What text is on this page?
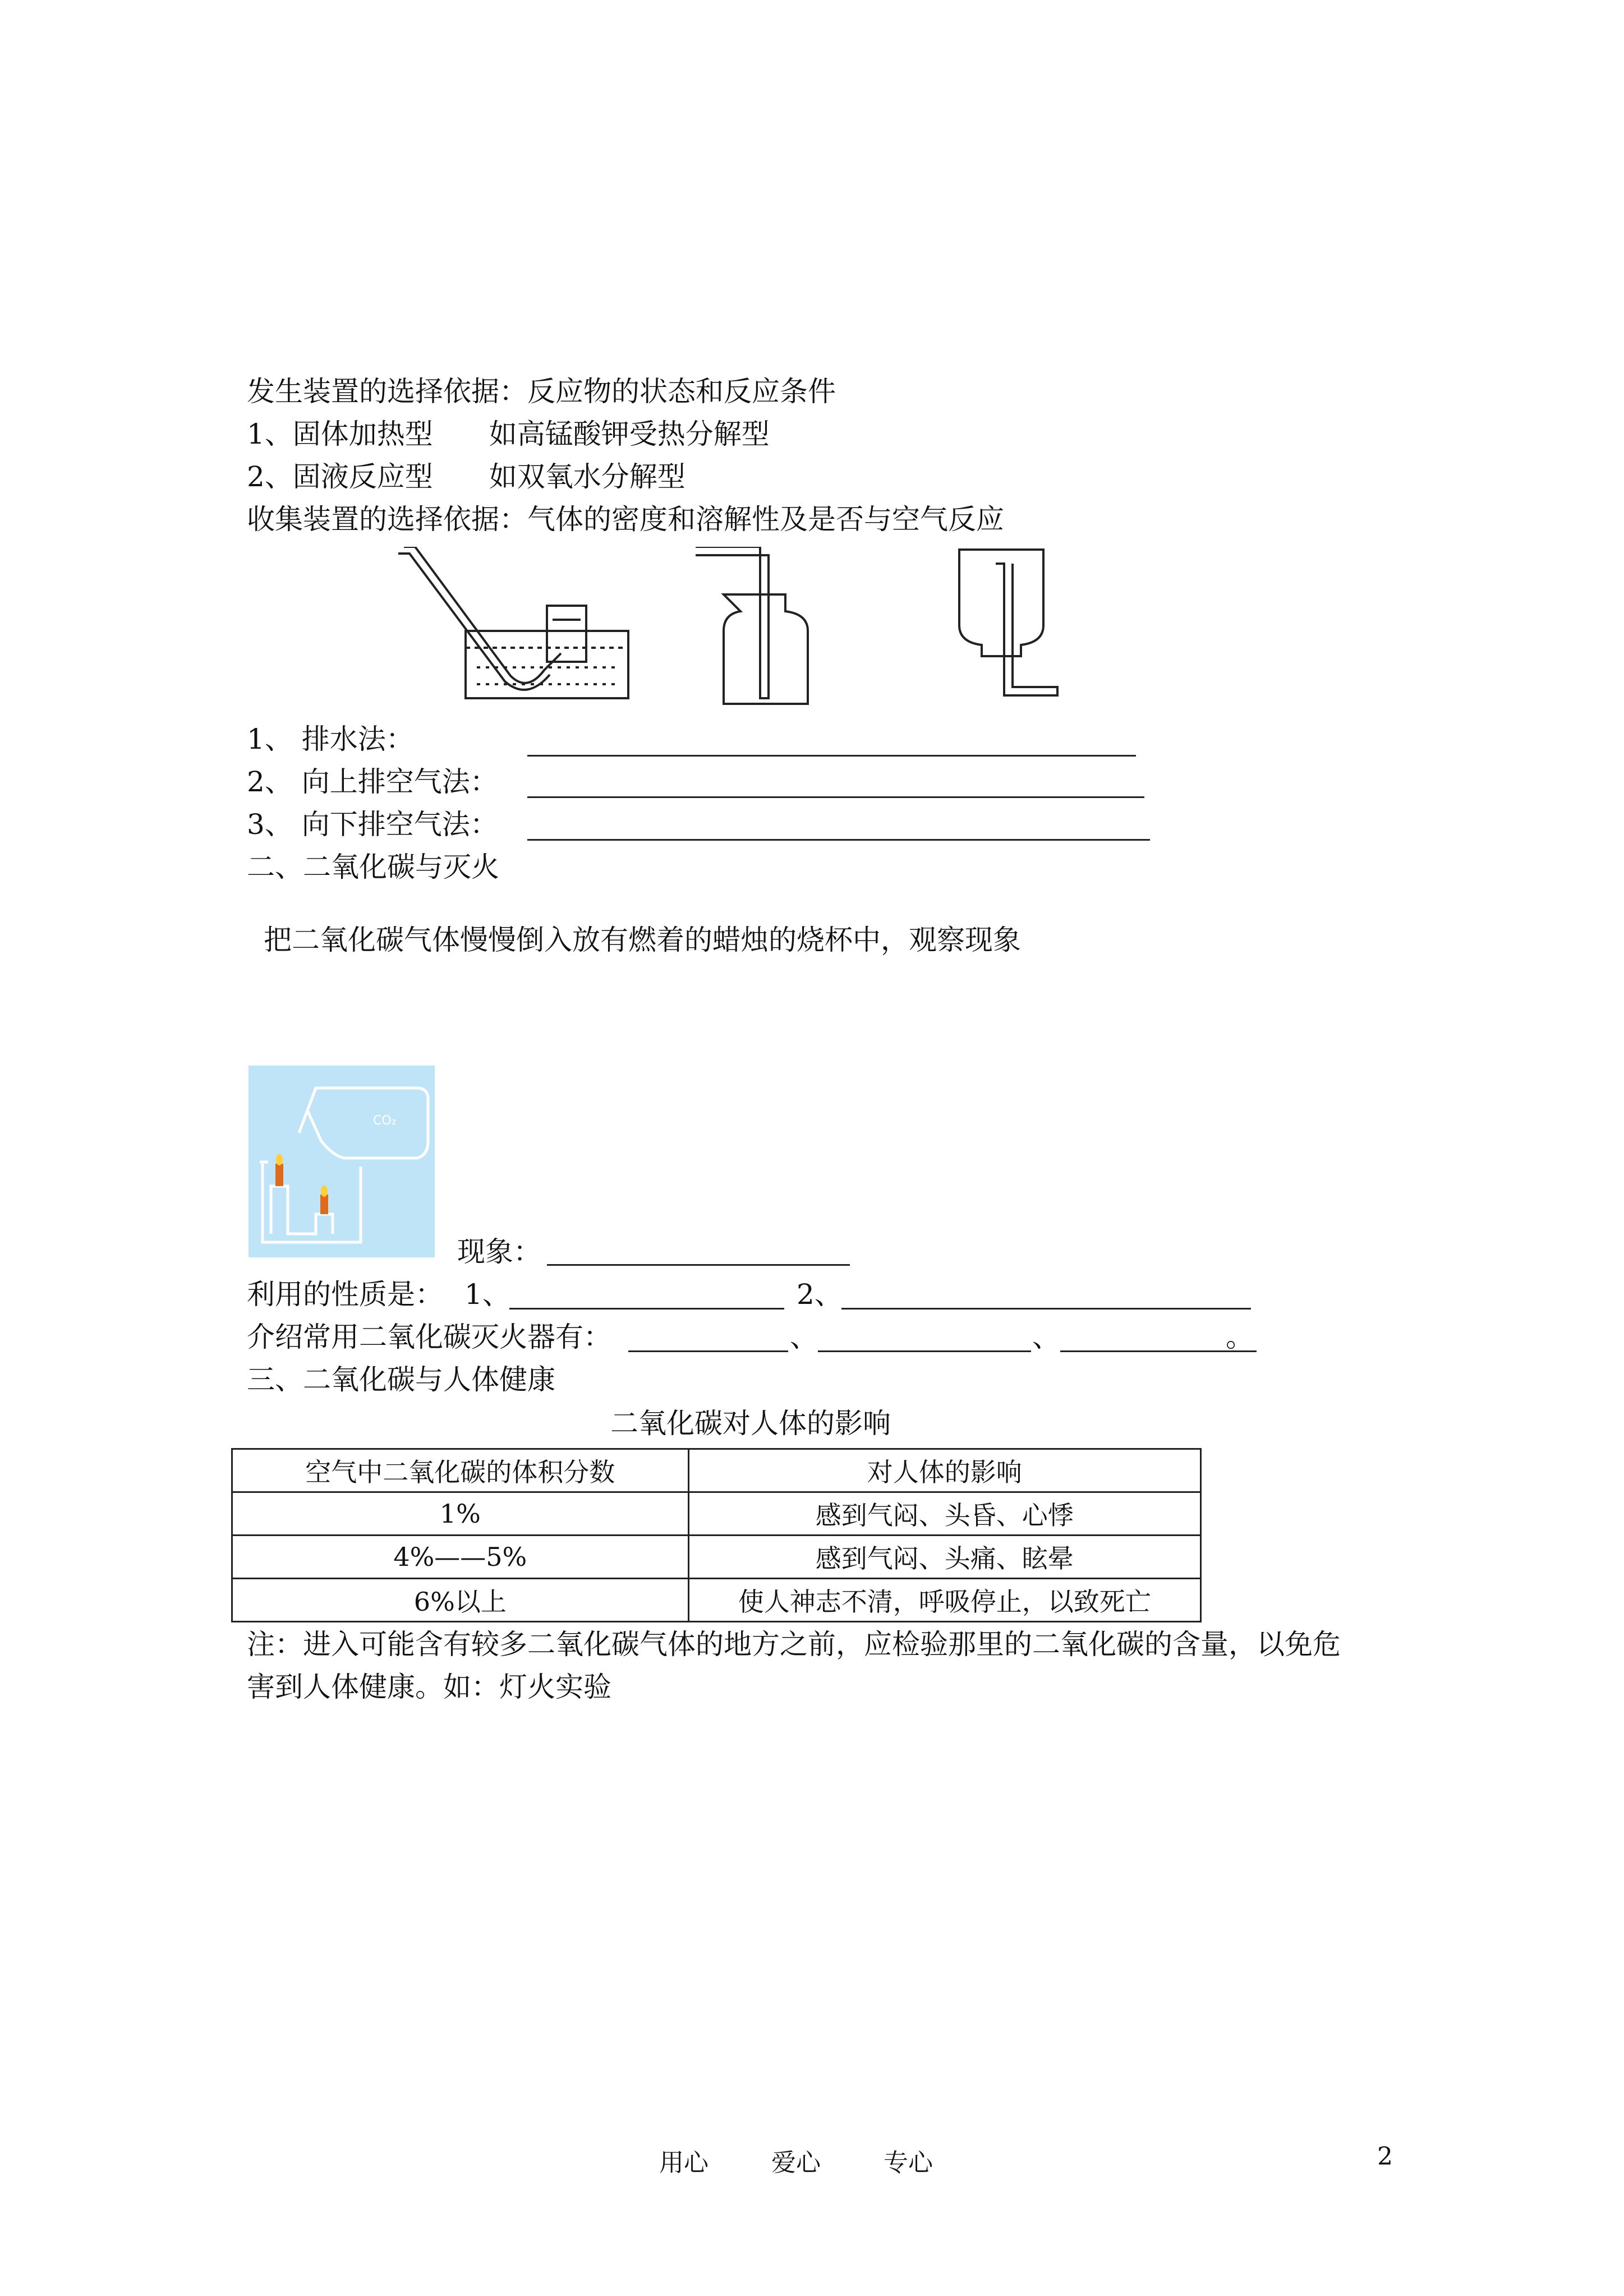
发生装置的选择依据：反应物的状态和反应条件
1、固体加热型　　如高锰酸钾受热分解型
2、固液反应型　　如双氧水分解型
收集装置的选择依据：气体的密度和溶解性及是否与空气反应
1、 排水法：
2、 向上排空气法：
3、 向下排空气法：
二、二氧化碳与灭火
把二氧化碳气体慢慢倒入放有燃着的蜡烛的烧杯中，观察现象
CO₂
现象：
利用的性质是： 1、	2、
介绍常用二氧化碳灭火器有：	、	、	。
三、二氧化碳与人体健康
二氧化碳对人体的影响
空气中二氧化碳的体积分数	对人体的影响
1%	感到气闷、头昏、心悸
4%——5%	感到气闷、头痛、眩晕
6%以上	使人神志不清，呼吸停止，以致死亡
注：进入可能含有较多二氧化碳气体的地方之前，应检验那里的二氧化碳的含量，以免危
害到人体健康。如：灯火实验
用心	爱心	专心	2
